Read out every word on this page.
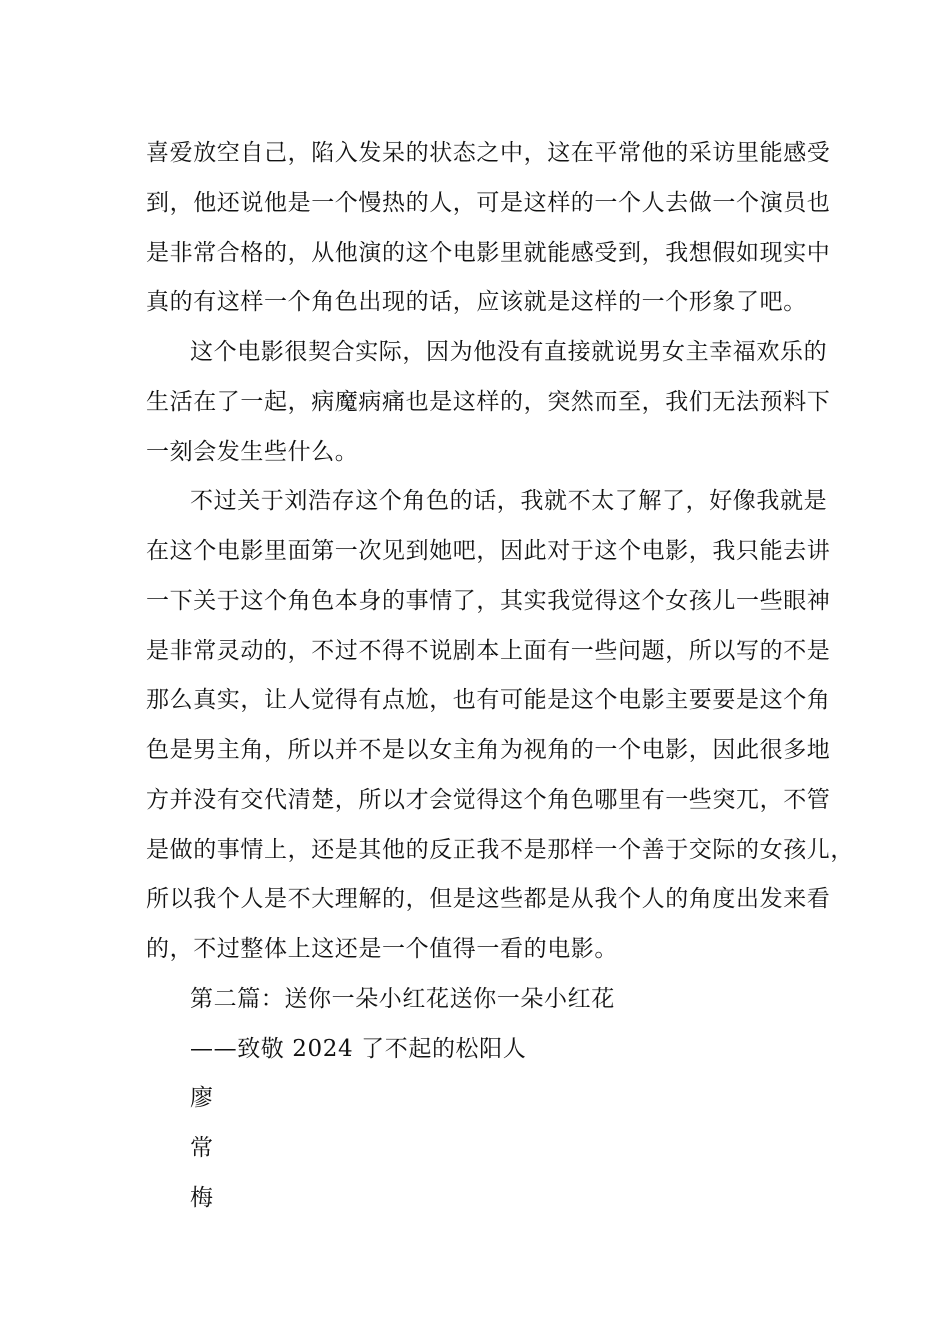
喜爱放空自己，陷入发呆的状态之中，这在平常他的采访里能感受
到，他还说他是一个慢热的人，可是这样的一个人去做一个演员也
是非常合格的，从他演的这个电影里就能感受到，我想假如现实中
真的有这样一个角色出现的话，应该就是这样的一个形象了吧。
这个电影很契合实际，因为他没有直接就说男女主幸福欢乐的
生活在了一起，病魔病痛也是这样的，突然而至，我们无法预料下
一刻会发生些什么。
不过关于刘浩存这个角色的话，我就不太了解了，好像我就是
在这个电影里面第一次见到她吧，因此对于这个电影，我只能去讲
一下关于这个角色本身的事情了，其实我觉得这个女孩儿一些眼神
是非常灵动的，不过不得不说剧本上面有一些问题，所以写的不是
那么真实，让人觉得有点尬，也有可能是这个电影主要要是这个角
色是男主角，所以并不是以女主角为视角的一个电影，因此很多地
方并没有交代清楚，所以才会觉得这个角色哪里有一些突兀，不管
是做的事情上，还是其他的反正我不是那样一个善于交际的女孩儿，
所以我个人是不大理解的，但是这些都是从我个人的角度出发来看
的，不过整体上这还是一个值得一看的电影。
第二篇：送你一朵小红花送你一朵小红花
——致敬 2024 了不起的松阳人
廖
常
梅
